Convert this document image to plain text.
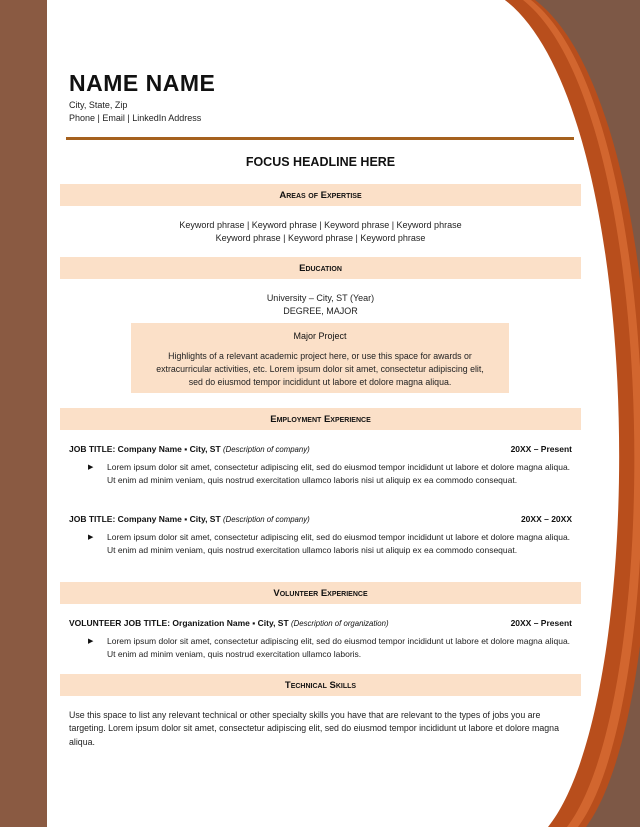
NAME NAME
City, State, Zip
Phone | Email | LinkedIn Address
FOCUS HEADLINE HERE
Areas of Expertise
Keyword phrase | Keyword phrase | Keyword phrase | Keyword phrase
Keyword phrase | Keyword phrase | Keyword phrase
Education
University – City, ST (Year)
DEGREE, MAJOR
Major Project
Highlights of a relevant academic project here, or use this space for awards or extracurricular activities, etc. Lorem ipsum dolor sit amet, consectetur adipiscing elit, sed do eiusmod tempor incididunt ut labore et dolore magna aliqua.
Employment Experience
JOB TITLE: Company Name ▪ City, ST (Description of company)	20XX – Present
▶ Lorem ipsum dolor sit amet, consectetur adipiscing elit, sed do eiusmod tempor incididunt ut labore et dolore magna aliqua. Ut enim ad minim veniam, quis nostrud exercitation ullamco laboris nisi ut aliquip ex ea commodo consequat.
JOB TITLE: Company Name ▪ City, ST (Description of company)	20XX – 20XX
▶ Lorem ipsum dolor sit amet, consectetur adipiscing elit, sed do eiusmod tempor incididunt ut labore et dolore magna aliqua. Ut enim ad minim veniam, quis nostrud exercitation ullamco laboris nisi ut aliquip ex ea commodo consequat.
Volunteer Experience
VOLUNTEER JOB TITLE: Organization Name ▪ City, ST (Description of organization)	20XX – Present
▶ Lorem ipsum dolor sit amet, consectetur adipiscing elit, sed do eiusmod tempor incididunt ut labore et dolore magna aliqua. Ut enim ad minim veniam, quis nostrud exercitation ullamco laboris.
Technical Skills
Use this space to list any relevant technical or other specialty skills you have that are relevant to the types of jobs you are targeting. Lorem ipsum dolor sit amet, consectetur adipiscing elit, sed do eiusmod tempor incididunt ut labore et dolore magna aliqua.
